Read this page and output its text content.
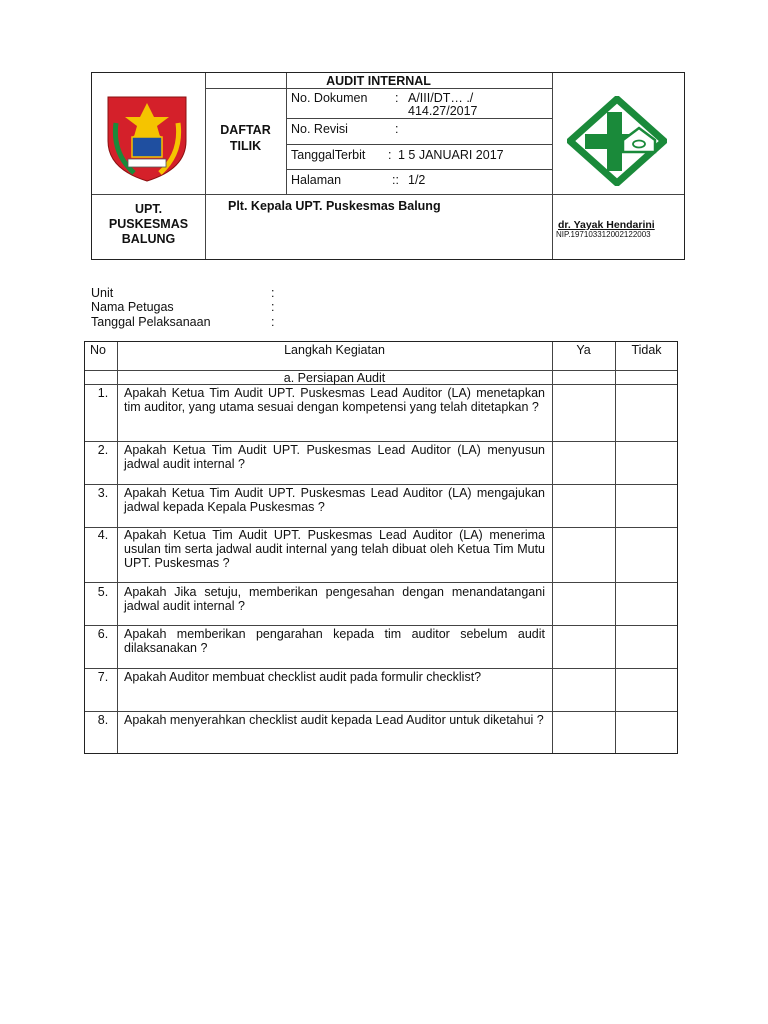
AUDIT INTERNAL
DAFTAR
TILIK
No. Dokumen : A/III/DT… ./
414.27/2017
No. Revisi	:
TanggalTerbit : 1 5 JANUARI 2017
Halaman	:: 1/2
UPT.
PUSKESMAS
BALUNG
Plt. Kepala UPT. Puskesmas Balung
dr. Yayak Hendarini
NIP.197103312002122003
Unit	:
Nama Petugas	:
Tanggal Pelaksanaan	:
No	Langkah Kegiatan	Ya	Tidak
a. Persiapan Audit
1.	Apakah Ketua Tim Audit UPT. Puskesmas Lead Auditor (LA) menetapkan tim auditor, yang utama sesuai dengan kompetensi yang telah ditetapkan ?
2.	Apakah Ketua Tim Audit UPT. Puskesmas Lead Auditor (LA) menyusun jadwal audit internal ?
3.	Apakah Ketua Tim Audit UPT. Puskesmas Lead Auditor (LA) mengajukan jadwal kepada Kepala Puskesmas ?
4.	Apakah Ketua Tim Audit UPT. Puskesmas Lead Auditor (LA) menerima usulan tim serta jadwal audit internal yang telah dibuat oleh Ketua Tim Mutu UPT. Puskesmas ?
5.	Apakah Jika setuju, memberikan pengesahan dengan menandatangani jadwal audit internal ?
6.	Apakah memberikan pengarahan kepada tim auditor sebelum audit dilaksanakan ?
7.	Apakah Auditor membuat checklist audit pada formulir checklist?
8.	Apakah menyerahkan checklist audit kepada Lead Auditor untuk diketahui ?
